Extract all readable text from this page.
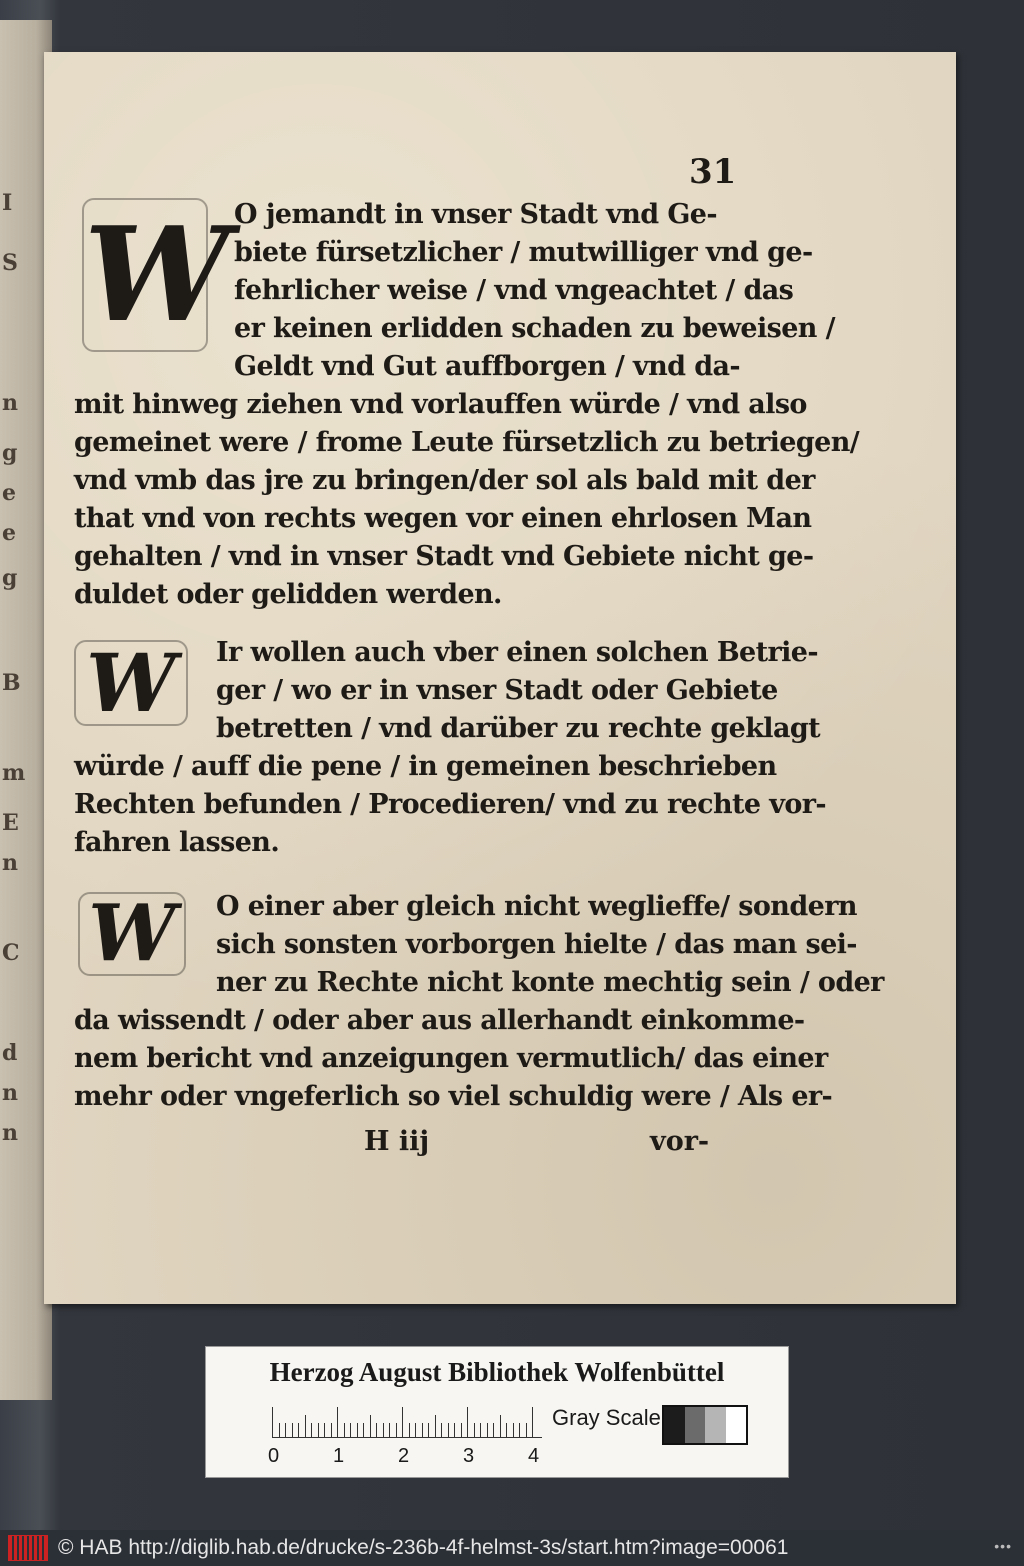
I
S
n
g
e
e
g
B
m
E
n
C
d
n
n
31
W O jemandt in vnser Stadt vnd Ge-
biete fürsetzlicher / mutwilliger vnd ge-
fehrlicher weise / vnd vngeachtet / das
er keinen erlidden schaden zu beweisen /
Geldt vnd Gut auffborgen / vnd da-
mit hinweg ziehen vnd vorlauffen würde / vnd also
gemeinet were / frome Leute fürsetzlich zu betriegen/
vnd vmb das jre zu bringen/der sol als bald mit der
that vnd von rechts wegen vor einen ehrlosen Man
gehalten / vnd in vnser Stadt vnd Gebiete nicht ge-
duldet oder gelidden werden.
W	Ir wollen auch vber einen solchen Betrie-
ger / wo er in vnser Stadt oder Gebiete
betretten / vnd darüber zu rechte geklagt
würde / auff die pene / in gemeinen beschrieben
Rechten befunden / Procedieren/ vnd zu rechte vor-
fahren lassen.
W	O einer aber gleich nicht weglieffe/ sondern
sich sonsten vorborgen hielte / das man sei-
ner zu Rechte nicht konte mechtig sein / oder
da wissendt / oder aber aus allerhandt einkomme-
nem bericht vnd anzeigungen vermutlich/ das einer
mehr oder vngeferlich so viel schuldig were / Als er-
H iij	vor-
Herzog August Bibliothek Wolfenbüttel
0	1	2	3	4
Gray Scale
© HAB http://diglib.hab.de/drucke/s-236b-4f-helmst-3s/start.htm?image=00061	•••
